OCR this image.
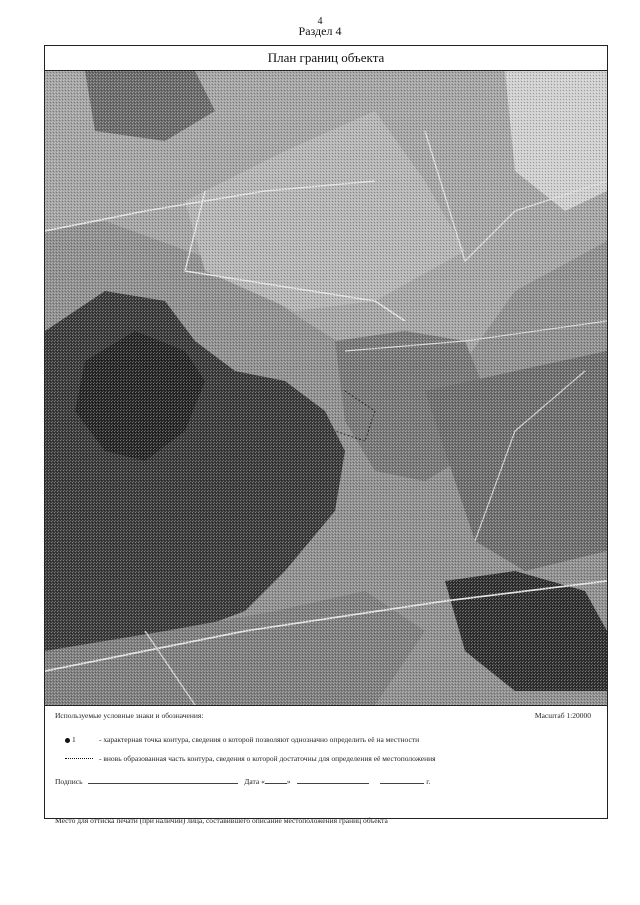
4
Раздел 4
План границ объекта
Используемые условные знаки и обозначения:	Масштаб 1:20000
1	- характерная точка контура, сведения о которой позволяют однозначно определить её на местности
- вновь образованная часть контура, сведения о которой достаточны для определения её местоположения
Подпись	Дата «	»	г.
Место для оттиска печати (при наличии) лица, составившего описание местоположения границ объекта
